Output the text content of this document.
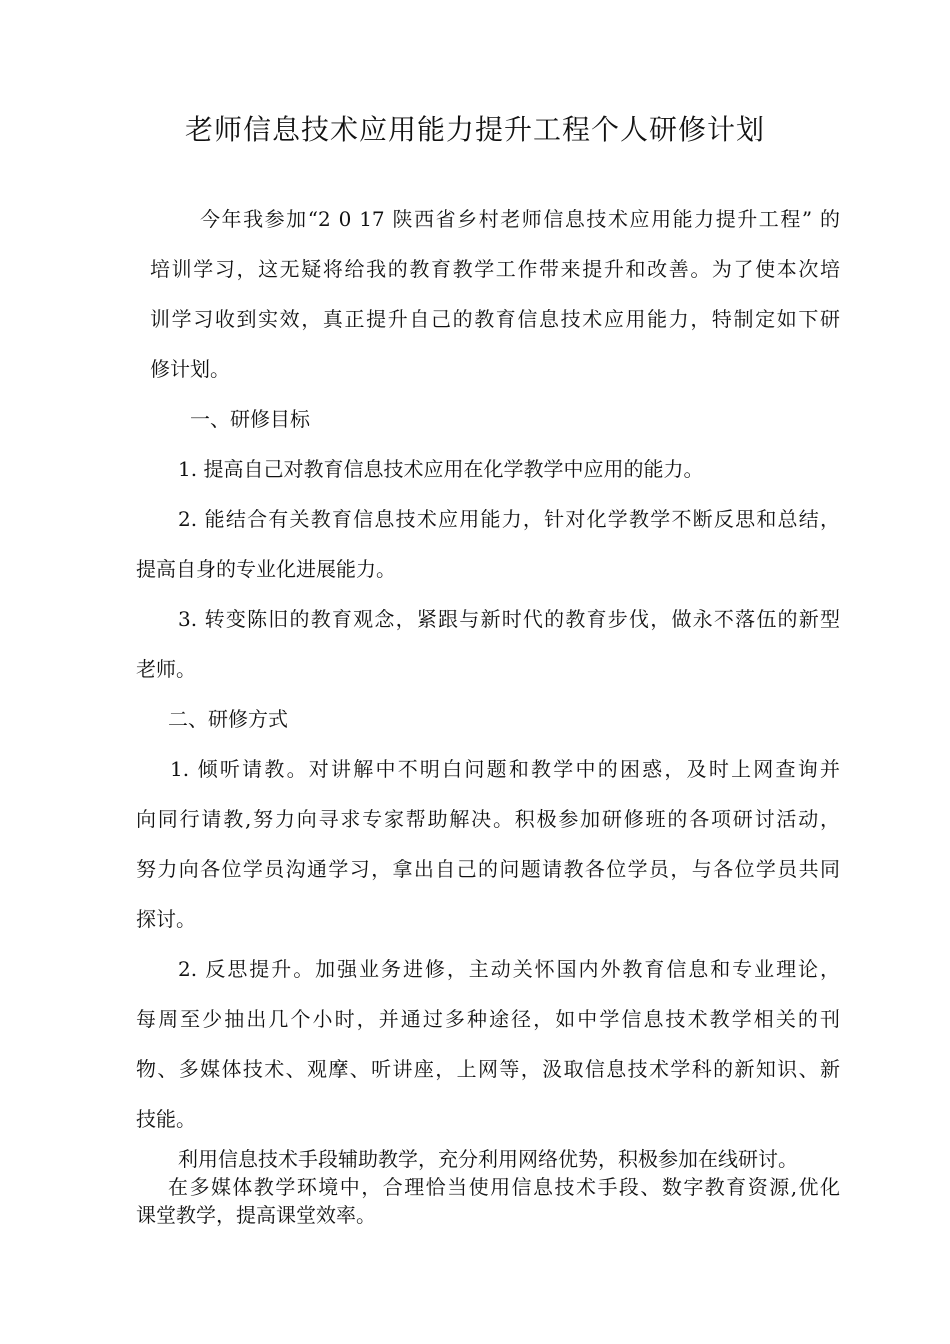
老师信息技术应用能力提升工程个人研修计划
今年我参加“2 0 17 陕西省乡村老师信息技术应用能力提升工程” 的
培训学习，这无疑将给我的教育教学工作带来提升和改善。为了使本次培
训学习收到实效，真正提升自己的教育信息技术应用能力，特制定如下研
修计划。
一、研修目标
1. 提高自己对教育信息技术应用在化学教学中应用的能力。
2. 能结合有关教育信息技术应用能力，针对化学教学不断反思和总结，
提高自身的专业化进展能力。
3. 转变陈旧的教育观念，紧跟与新时代的教育步伐，做永不落伍的新型
老师。
二、研修方式
1. 倾听请教。对讲解中不明白问题和教学中的困惑，及时上网查询并
向同行请教,努力向寻求专家帮助解决。积极参加研修班的各项研讨活动，
努力向各位学员沟通学习，拿出自己的问题请教各位学员，与各位学员共同
探讨。
2. 反思提升。加强业务进修，主动关怀国内外教育信息和专业理论，
每周至少抽出几个小时，并通过多种途径，如中学信息技术教学相关的刊
物、多媒体技术、观摩、听讲座，上网等，汲取信息技术学科的新知识、新
技能。
利用信息技术手段辅助教学，充分利用网络优势，积极参加在线研讨。
在多媒体教学环境中，合理恰当使用信息技术手段、数字教育资源,优化
课堂教学，提高课堂效率。
